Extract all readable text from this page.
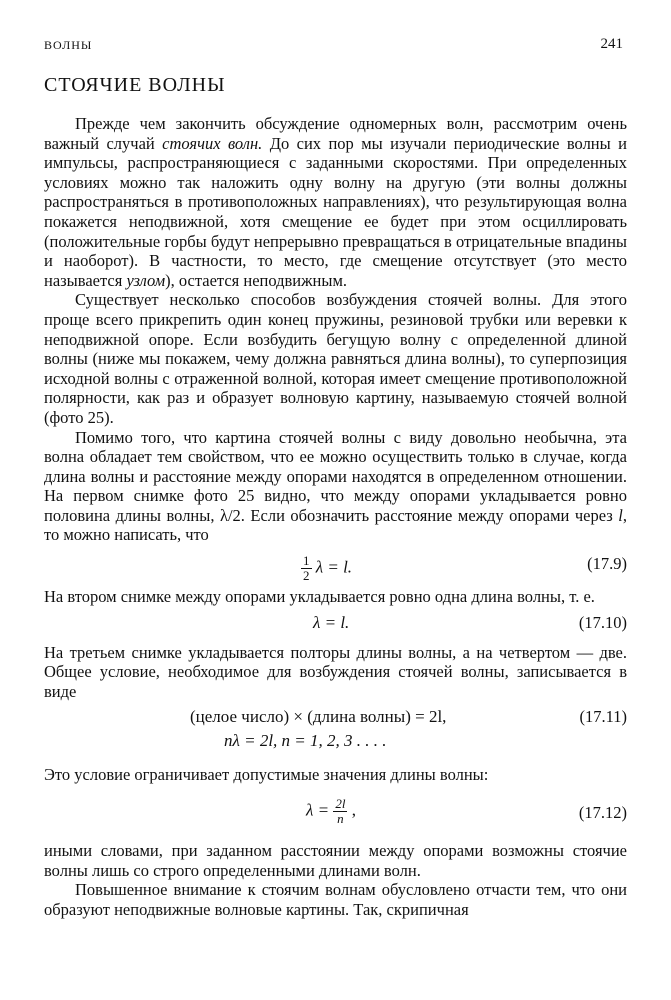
ВОЛНЫ	241
СТОЯЧИЕ ВОЛНЫ

Прежде чем закончить обсуждение одномерных волн, рассмотрим очень важный случай стоячих волн. До сих пор мы изучали периодические волны и импульсы, распространяющиеся с заданными скоростями. При определенных условиях можно так наложить одну волну на другую (эти волны должны распространяться в противоположных направлениях), что результирующая волна покажется неподвижной, хотя смещение ее будет при этом осциллировать (положительные горбы будут непрерывно превращаться в отрицательные впадины и наоборот). В частности, то место, где смещение отсутствует (это место называется узлом), остается неподвижным.

Существует несколько способов возбуждения стоячей волны. Для этого проще всего прикрепить один конец пружины, резиновой трубки или веревки к неподвижной опоре. Если возбудить бегущую волну с определенной длиной волны (ниже мы покажем, чему должна равняться длина волны), то суперпозиция исходной волны с отраженной волной, которая имеет смещение противоположной полярности, как раз и образует волновую картину, называемую стоячей волной (фото 25).

Помимо того, что картина стоячей волны с виду довольно необычна, эта волна обладает тем свойством, что ее можно осуществить только в случае, когда длина волны и расстояние между опорами находятся в определенном отношении. На первом снимке фото 25 видно, что между опорами укладывается ровно половина длины волны, λ/2. Если обозначить расстояние между опорами через l, то можно написать, что

$\frac{1}{2}$ λ = l.	(17.9)

На втором снимке между опорами укладывается ровно одна длина волны, т. е.

λ = l.	(17.10)

На третьем снимке укладывается полторы длины волны, а на четвертом — две. Общее условие, необходимое для возбуждения стоячей волны, записывается в виде

(целое число) × (длина волны) = 2l,	(17.11)
nλ = 2l, n = 1, 2, 3 . . . .

Это условие ограничивает допустимые значения длины волны:

$\lambda = \frac{2l}{n}$ ,	(17.12)

иными словами, при заданном расстоянии между опорами возможны стоячие волны лишь со строго определенными длинами волн.

Повышенное внимание к стоячим волнам обусловлено отчасти тем, что они образуют неподвижные волновые картины. Так, скрипичная
